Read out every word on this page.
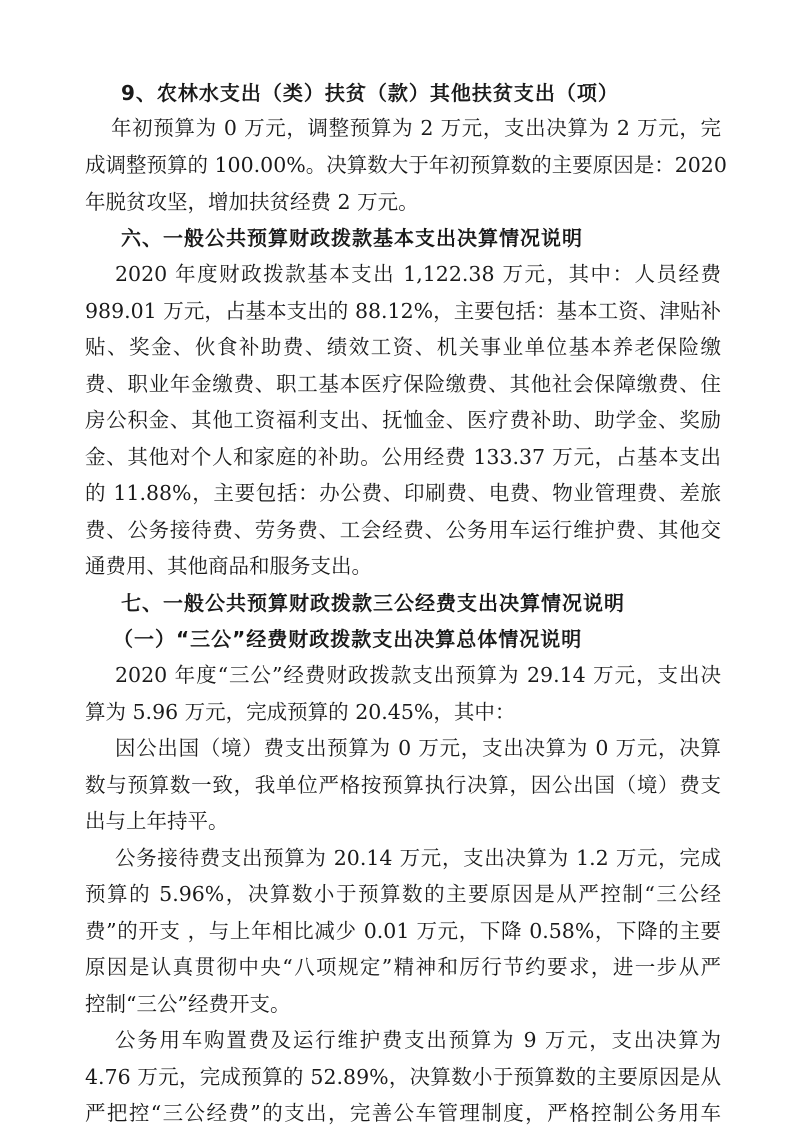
9、农林水支出（类）扶贫（款）其他扶贫支出（项）
年初预算为 0 万元，调整预算为 2 万元，支出决算为 2 万元，完
成调整预算的 100.00%。决算数大于年初预算数的主要原因是：2020
年脱贫攻坚，增加扶贫经费 2 万元。
六、一般公共预算财政拨款基本支出决算情况说明
2020 年度财政拨款基本支出 1,122.38 万元，其中：人员经费
989.01 万元，占基本支出的 88.12%，主要包括：基本工资、津贴补
贴、奖金、伙食补助费、绩效工资、机关事业单位基本养老保险缴
费、职业年金缴费、职工基本医疗保险缴费、其他社会保障缴费、住
房公积金、其他工资福利支出、抚恤金、医疗费补助、助学金、奖励
金、其他对个人和家庭的补助。公用经费 133.37 万元，占基本支出
的 11.88%，主要包括：办公费、印刷费、电费、物业管理费、差旅
费、公务接待费、劳务费、工会经费、公务用车运行维护费、其他交
通费用、其他商品和服务支出。
七、一般公共预算财政拨款三公经费支出决算情况说明
（一）“三公”经费财政拨款支出决算总体情况说明
2020 年度“三公”经费财政拨款支出预算为 29.14 万元，支出决
算为 5.96 万元，完成预算的 20.45%，其中：
因公出国（境）费支出预算为 0 万元，支出决算为 0 万元，决算
数与预算数一致，我单位严格按预算执行决算，因公出国（境）费支
出与上年持平。
公务接待费支出预算为 20.14 万元，支出决算为 1.2 万元，完成
预算的 5.96%，决算数小于预算数的主要原因是从严控制“三公经
费”的开支 ，与上年相比减少 0.01 万元，下降 0.58%，下降的主要
原因是认真贯彻中央“八项规定”精神和厉行节约要求，进一步从严
控制“三公”经费开支。
公务用车购置费及运行维护费支出预算为 9 万元，支出决算为
4.76 万元，完成预算的 52.89%，决算数小于预算数的主要原因是从
严把控“三公经费”的支出，完善公车管理制度，严格控制公务用车
